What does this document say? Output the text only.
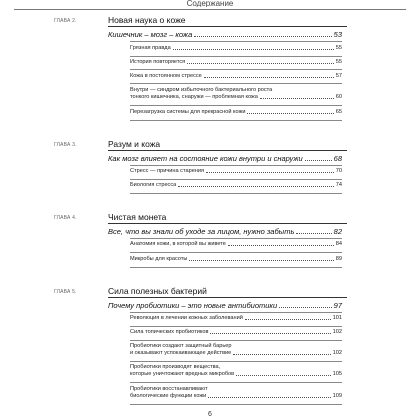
Содержание
ГЛАВА 2.	Новая наука о коже
Кишечник – мозг – кожа	53
Грязная правда	55
История повторяется	55
Кожа в постоянном стрессе	57
Внутри — синдром избыточного бактериального роста
тонкого кишечника, снаружи — проблемная кожа	60
Перезагрузка системы для прекрасной кожи	65
ГЛАВА 3.	Разум и кожа
Как мозг влияет на состояние кожи внутри и снаружи	68
Стресс — причина старения	70
Биология стресса	74
ГЛАВА 4.	Чистая монета
Все, что вы знали об уходе за лицом, нужно забыть	82
Анатомия кожи, в которой вы живете	84
Микробы для красоты	89
ГЛАВА 5.	Сила полезных бактерий
Почему пробиотики – это новые антибиотики	97
Революция в лечении кожных заболеваний	101
Сила топических пробиотиков	102
Пробиотики создают защитный барьер
и оказывают успокаивающее действие	102
Пробиотики производят вещества,
которые уничтожают вредных микробов	105
Пробиотики восстанавливают
биологические функции кожи	109
6
